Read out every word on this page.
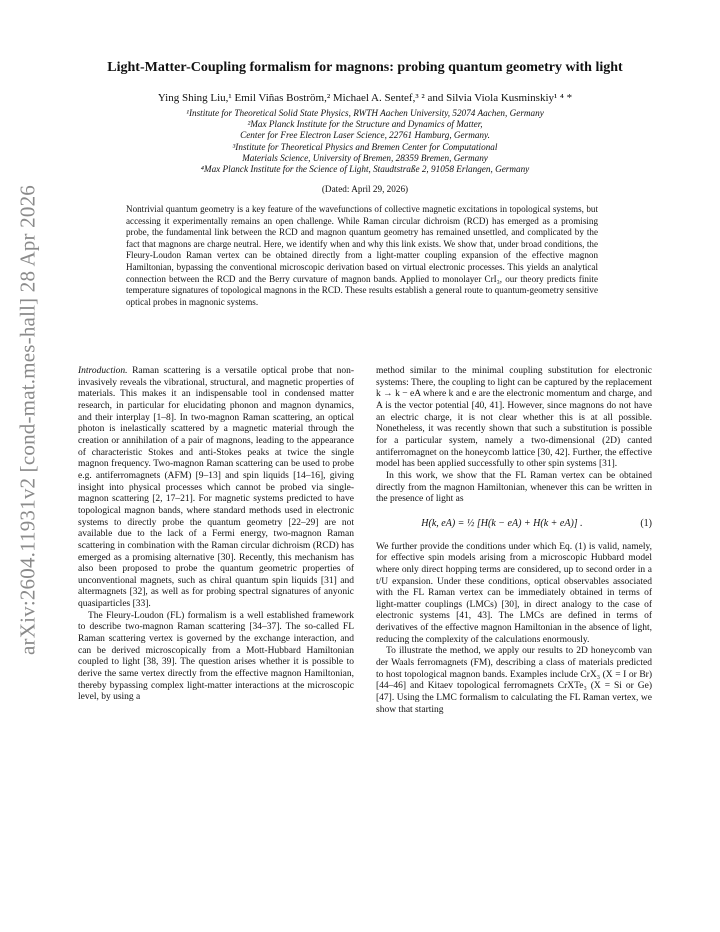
arXiv:2604.11931v2 [cond-mat.mes-hall] 28 Apr 2026
Light-Matter-Coupling formalism for magnons: probing quantum geometry with light
Ying Shing Liu,¹ Emil Viñas Boström,² Michael A. Sentef,³ ² and Silvia Viola Kusminskiy¹ ⁴ *
¹Institute for Theoretical Solid State Physics, RWTH Aachen University, 52074 Aachen, Germany
²Max Planck Institute for the Structure and Dynamics of Matter,
Center for Free Electron Laser Science, 22761 Hamburg, Germany.
³Institute for Theoretical Physics and Bremen Center for Computational
Materials Science, University of Bremen, 28359 Bremen, Germany
⁴Max Planck Institute for the Science of Light, Staudtstraße 2, 91058 Erlangen, Germany
(Dated: April 29, 2026)
Nontrivial quantum geometry is a key feature of the wavefunctions of collective magnetic excitations in topological systems, but accessing it experimentally remains an open challenge. While Raman circular dichroism (RCD) has emerged as a promising probe, the fundamental link between the RCD and magnon quantum geometry has remained unsettled, and complicated by the fact that magnons are charge neutral. Here, we identify when and why this link exists. We show that, under broad conditions, the Fleury-Loudon Raman vertex can be obtained directly from a light-matter coupling expansion of the effective magnon Hamiltonian, bypassing the conventional microscopic derivation based on virtual electronic processes. This yields an analytical connection between the RCD and the Berry curvature of magnon bands. Applied to monolayer CrI₃, our theory predicts finite temperature signatures of topological magnons in the RCD. These results establish a general route to quantum-geometry sensitive optical probes in magnonic systems.

Introduction. Raman scattering is a versatile optical probe that non-invasively reveals the vibrational, structural, and magnetic properties of materials. This makes it an indispensable tool in condensed matter research, in particular for elucidating phonon and magnon dynamics, and their interplay [1–8]. In two-magnon Raman scattering, an optical photon is inelastically scattered by a magnetic material through the creation or annihilation of a pair of magnons, leading to the appearance of characteristic Stokes and anti-Stokes peaks at twice the single magnon frequency. Two-magnon Raman scattering can be used to probe e.g. antiferromagnets (AFM) [9–13] and spin liquids [14–16], giving insight into physical processes which cannot be probed via single-magnon scattering [2, 17–21]. For magnetic systems predicted to have topological magnon bands, where standard methods used in electronic systems to directly probe the quantum geometry [22–29] are not available due to the lack of a Fermi energy, two-magnon Raman scattering in combination with the Raman circular dichroism (RCD) has emerged as a promising alternative [30]. Recently, this mechanism has also been proposed to probe the quantum geometric properties of unconventional magnets, such as chiral quantum spin liquids [31] and altermagnets [32], as well as for probing spectral signatures of anyonic quasiparticles [33].

The Fleury-Loudon (FL) formalism is a well established framework to describe two-magnon Raman scattering [34–37]. The so-called FL Raman scattering vertex is governed by the exchange interaction, and can be derived microscopically from a Mott-Hubbard Hamiltonian coupled to light [38, 39]. The question arises whether it is possible to derive the same vertex directly from the effective magnon Hamiltonian, thereby bypassing complex light-matter interactions at the microscopic level, by using a

method similar to the minimal coupling substitution for electronic systems: There, the coupling to light can be captured by the replacement k → k − eA where k and e are the electronic momentum and charge, and A is the vector potential [40, 41]. However, since magnons do not have an electric charge, it is not clear whether this is at all possible. Nonetheless, it was recently shown that such a substitution is possible for a particular system, namely a two-dimensional (2D) canted antiferromagnet on the honeycomb lattice [30, 42]. Further, the effective model has been applied successfully to other spin systems [31].

In this work, we show that the FL Raman vertex can be obtained directly from the magnon Hamiltonian, whenever this can be written in the presence of light as

H(k, eA) = ½ [H(k − eA) + H(k + eA)] .	(1)

We further provide the conditions under which Eq. (1) is valid, namely, for effective spin models arising from a microscopic Hubbard model where only direct hopping terms are considered, up to second order in a t/U expansion. Under these conditions, optical observables associated with the FL Raman vertex can be immediately obtained in terms of light-matter couplings (LMCs) [30], in direct analogy to the case of electronic systems [41, 43]. The LMCs are defined in terms of derivatives of the effective magnon Hamiltonian in the absence of light, reducing the complexity of the calculations enormously.

To illustrate the method, we apply our results to 2D honeycomb van der Waals ferromagnets (FM), describing a class of materials predicted to host topological magnon bands. Examples include CrX₃ (X = I or Br) [44–46] and Kitaev topological ferromagnets CrXTe₃ (X = Si or Ge) [47]. Using the LMC formalism to calculating the FL Raman vertex, we show that starting
